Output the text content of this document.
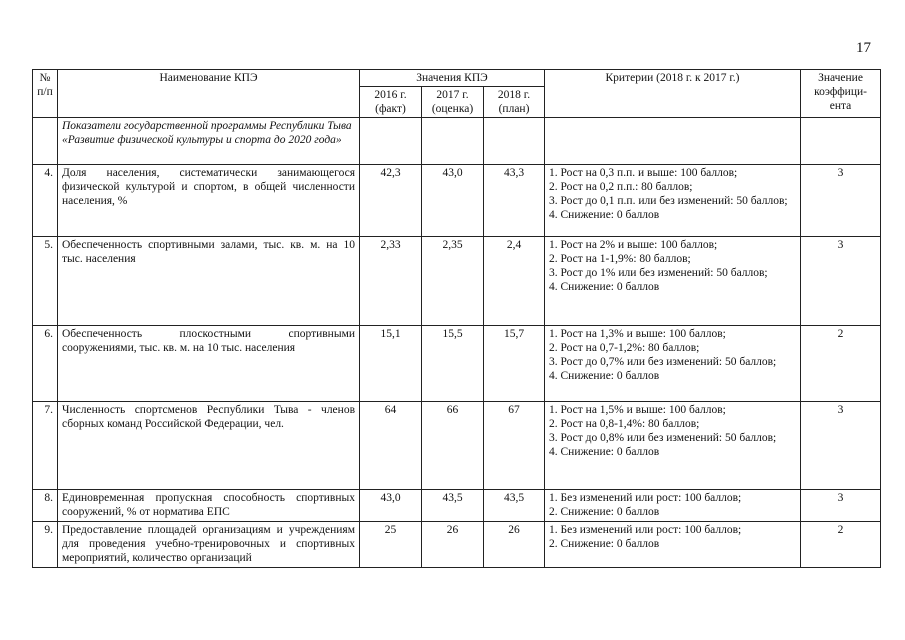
17
№ п/п	Наименование КПЭ	Значения КПЭ			Критерии (2018 г. к 2017 г.)	Значение коэффици-ента
		2016 г. (факт)	2017 г. (оценка)	2018 г. (план)		
	Показатели государственной программы Республики Тыва «Развитие физической культуры и спорта до 2020 года»					
4.	Доля населения, систематически занимающегося физической культурой и спортом, в общей численности населения, %	42,3	43,0	43,3	1. Рост на 0,3 п.п. и выше: 100 баллов;
2. Рост на 0,2 п.п.: 80 баллов;
3. Рост до 0,1 п.п. или без изменений: 50 баллов;
4. Снижение: 0 баллов	3
5.	Обеспеченность спортивными залами, тыс. кв. м. на 10 тыс. населения	2,33	2,35	2,4	1. Рост на 2% и выше: 100 баллов;
2. Рост на 1-1,9%: 80 баллов;
3. Рост до 1% или без изменений: 50 баллов;
4. Снижение: 0 баллов	3
6.	Обеспеченность плоскостными спортивными сооружениями, тыс. кв. м. на 10 тыс. населения	15,1	15,5	15,7	1. Рост на 1,3% и выше: 100 баллов;
2. Рост на 0,7-1,2%: 80 баллов;
3. Рост до 0,7% или без изменений: 50 баллов;
4. Снижение: 0 баллов	2
7.	Численность спортсменов Республики Тыва - членов сборных команд Российской Федерации, чел.	64	66	67	1. Рост на 1,5% и выше: 100 баллов;
2. Рост на 0,8-1,4%: 80 баллов;
3. Рост до 0,8% или без изменений: 50 баллов;
4. Снижение: 0 баллов	3
8.	Единовременная пропускная способность спортивных сооружений, % от норматива ЕПС	43,0	43,5	43,5	1. Без изменений или рост: 100 баллов;
2. Снижение: 0 баллов	3
9.	Предоставление площадей организациям и учреждениям для проведения учебно-тренировочных и спортивных мероприятий, количество организаций	25	26	26	1. Без изменений или рост: 100 баллов;
2. Снижение: 0 баллов	2
